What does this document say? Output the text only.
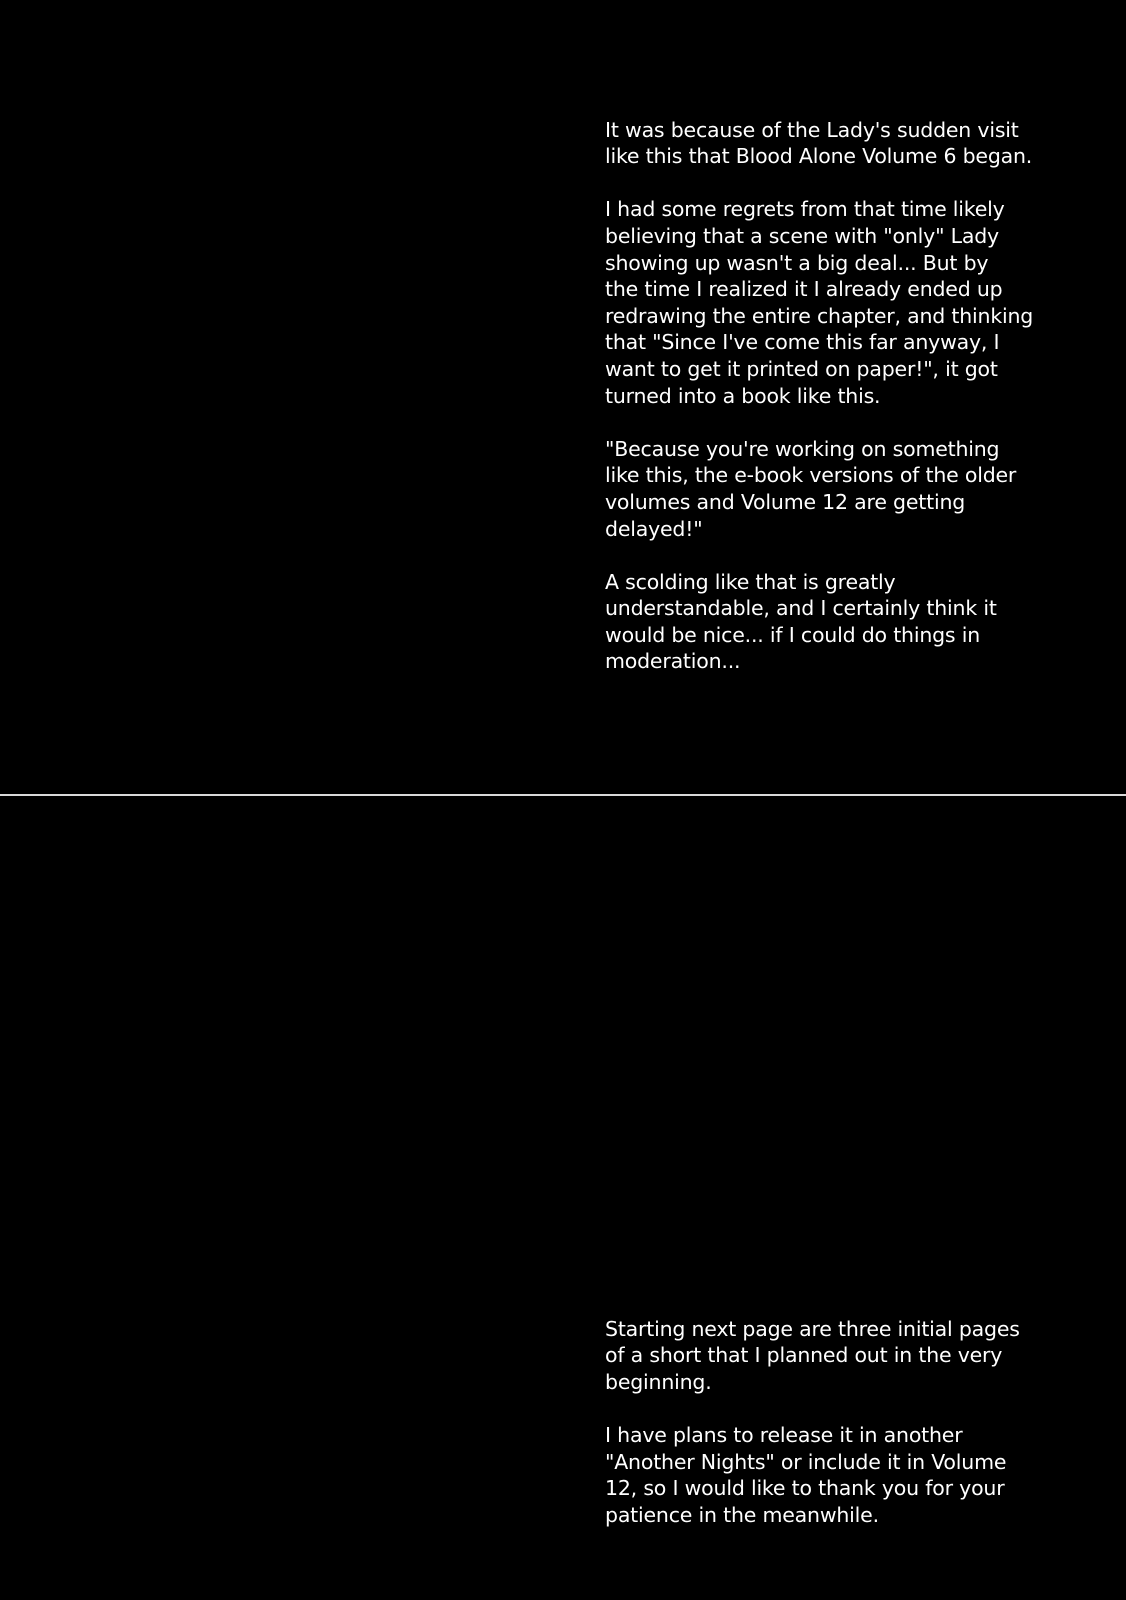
It was because of the Lady's sudden visit
like this that Blood Alone Volume 6 began.

I had some regrets from that time likely
believing that a scene with "only" Lady
showing up wasn't a big deal... But by
the time I realized it I already ended up
redrawing the entire chapter, and thinking
that "Since I've come this far anyway, I
want to get it printed on paper!", it got
turned into a book like this.

"Because you're working on something
like this, the e-book versions of the older
volumes and Volume 12 are getting
delayed!"

A scolding like that is greatly
understandable, and I certainly think it
would be nice... if I could do things in
moderation...

Starting next page are three initial pages
of a short that I planned out in the very
beginning.

I have plans to release it in another
"Another Nights" or include it in Volume
12, so I would like to thank you for your
patience in the meanwhile.
